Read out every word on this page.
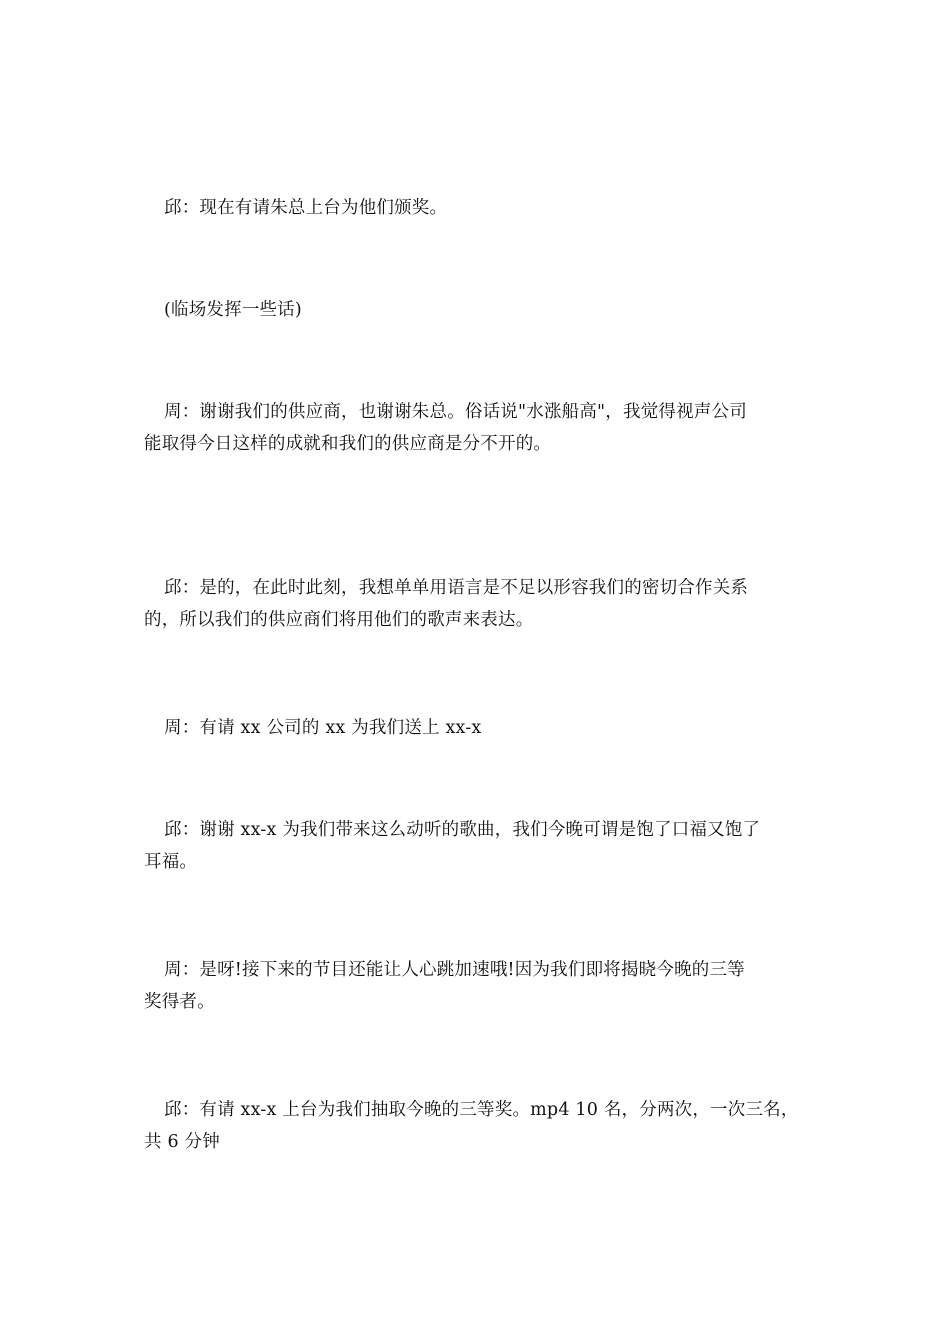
邱：现在有请朱总上台为他们颁奖。
(临场发挥一些话)
周：谢谢我们的供应商，也谢谢朱总。俗话说"水涨船高"，我觉得视声公司
能取得今日这样的成就和我们的供应商是分不开的。
邱：是的，在此时此刻，我想单单用语言是不足以形容我们的密切合作关系
的，所以我们的供应商们将用他们的歌声来表达。
周：有请 xx 公司的 xx 为我们送上 xx-x
邱：谢谢 xx-x 为我们带来这么动听的歌曲，我们今晚可谓是饱了口福又饱了
耳福。
周：是呀!接下来的节目还能让人心跳加速哦!因为我们即将揭晓今晚的三等
奖得者。
邱：有请 xx-x 上台为我们抽取今晚的三等奖。mp4 10 名，分两次，一次三名，
共 6 分钟
